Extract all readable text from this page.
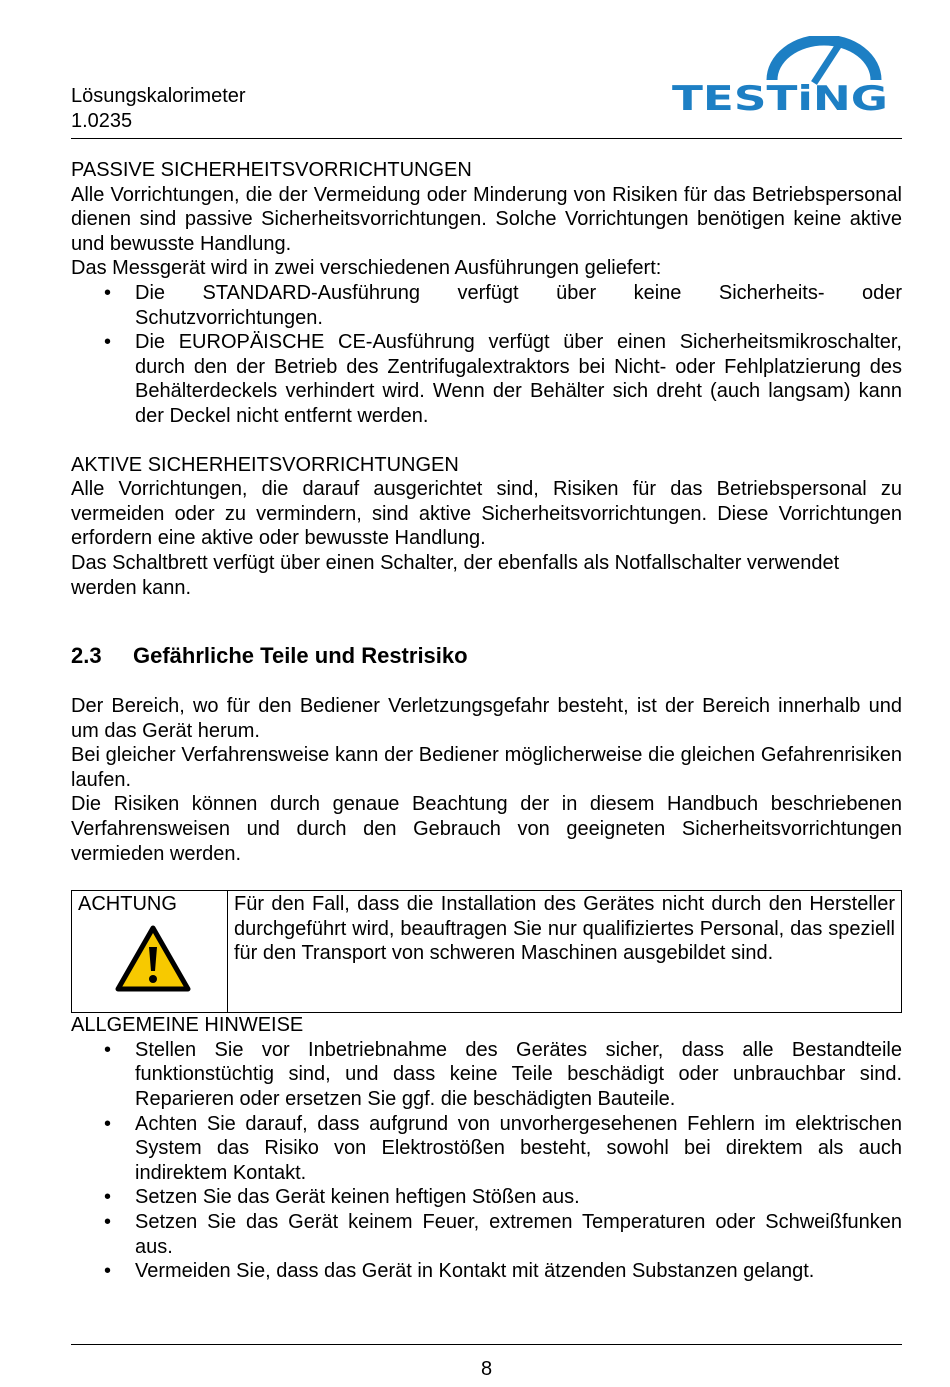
Lösungskalorimeter
1.0235
TESTiNG

PASSIVE SICHERHEITSVORRICHTUNGEN

Alle Vorrichtungen, die der Vermeidung oder Minderung von Risiken für das Betriebspersonal dienen sind passive Sicherheitsvorrichtungen. Solche Vorrichtungen benötigen keine aktive und bewusste Handlung.

Das Messgerät wird in zwei verschiedenen Ausführungen geliefert:

• Die STANDARD-Ausführung verfügt über keine Sicherheits- oder Schutzvorrichtungen.
• Die EUROPÄISCHE CE-Ausführung verfügt über einen Sicherheitsmikroschalter, durch den der Betrieb des Zentrifugalextraktors bei Nicht- oder Fehlplatzierung des Behälterdeckels verhindert wird. Wenn der Behälter sich dreht (auch langsam) kann der Deckel nicht entfernt werden.

AKTIVE SICHERHEITSVORRICHTUNGEN

Alle Vorrichtungen, die darauf ausgerichtet sind, Risiken für das Betriebspersonal zu vermeiden oder zu vermindern, sind aktive Sicherheitsvorrichtungen. Diese Vorrichtungen erfordern eine aktive oder bewusste Handlung.

Das Schaltbrett verfügt über einen Schalter, der ebenfalls als Notfallschalter verwendet werden kann.

2.3 Gefährliche Teile und Restrisiko

Der Bereich, wo für den Bediener Verletzungsgefahr besteht, ist der Bereich innerhalb und um das Gerät herum.

Bei gleicher Verfahrensweise kann der Bediener möglicherweise die gleichen Gefahrenrisiken laufen.

Die Risiken können durch genaue Beachtung der in diesem Handbuch beschriebenen Verfahrensweisen und durch den Gebrauch von geeigneten Sicherheitsvorrichtungen vermieden werden.

ACHTUNG	Für den Fall, dass die Installation des Gerätes nicht durch den Hersteller durchgeführt wird, beauftragen Sie nur qualifiziertes Personal, das speziell für den Transport von schweren Maschinen ausgebildet sind.

ALLGEMEINE HINWEISE

• Stellen Sie vor Inbetriebnahme des Gerätes sicher, dass alle Bestandteile funktionstüchtig sind, und dass keine Teile beschädigt oder unbrauchbar sind. Reparieren oder ersetzen Sie ggf. die beschädigten Bauteile.
• Achten Sie darauf, dass aufgrund von unvorhergesehenen Fehlern im elektrischen System das Risiko von Elektrostößen besteht, sowohl bei direktem als auch indirektem Kontakt.
• Setzen Sie das Gerät keinen heftigen Stößen aus.
• Setzen Sie das Gerät keinem Feuer, extremen Temperaturen oder Schweißfunken aus.
• Vermeiden Sie, dass das Gerät in Kontakt mit ätzenden Substanzen gelangt.
8
